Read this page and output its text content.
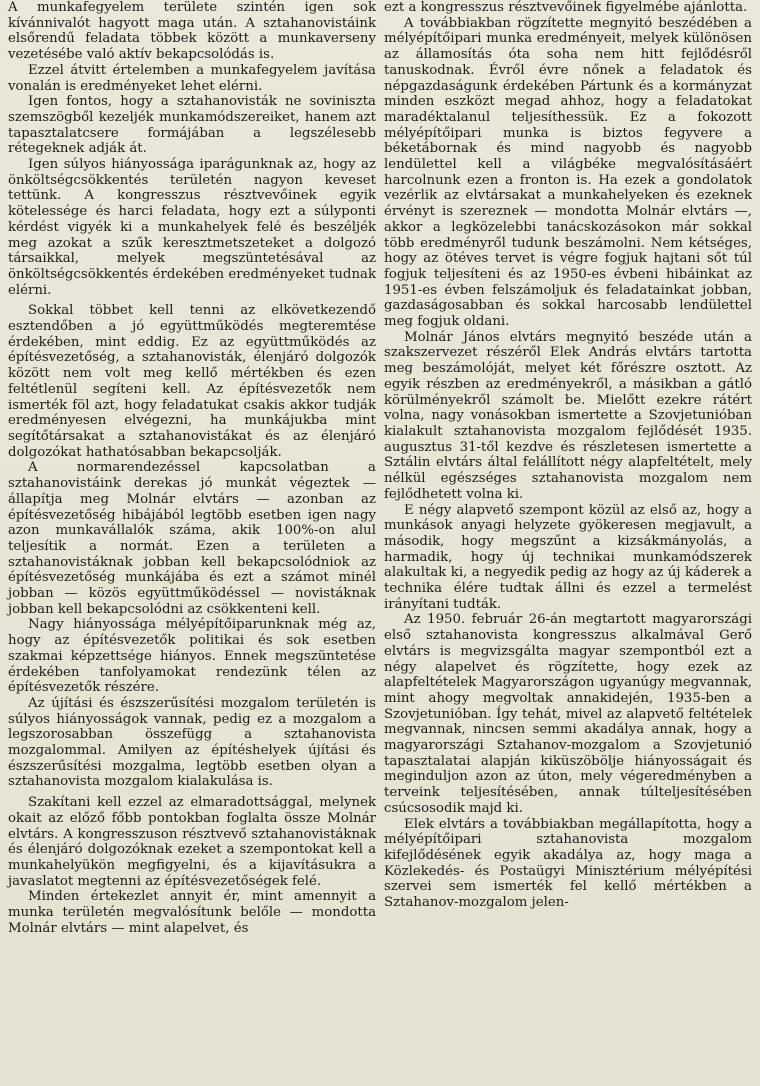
A munkafegyelem területe szintén igen sok kívánnivalót hagyott maga után. A sztahanovistáink elsőrendű feladata többek között a munkaverseny vezetésébe való aktív bekapcsolódás is.

Ezzel átvitt értelemben a munkafegyelem javítása vonalán is eredményeket lehet elérni.

Igen fontos, hogy a sztahanovisták ne sovinisztа szemszögből kezeljék munkamódszereiket, hanem azt tapasztalatcsere formájában a legszélesebb rétegeknek adják át.

Igen súlyos hiányossága iparágunknak az, hogy az önköltségcsökkentés területén nagyon keveset tettünk. A kongresszus résztvevőinek egyik kötelessége és harci feladata, hogy ezt a súlyponti kérdést vigyék ki a munkahelyek felé és beszéljék meg azokat a szűk keresztmetszeteket a dolgozó társaikkal, melyek megszüntetésával az önköltségcsökkentés érdekében eredményeket tudnak elérni.

Sokkal többet kell tenni az elkövetkezendő esztendőben a jó együttműködés megteremtése érdekében, mint eddig. Ez az együttműködés az építésvezetőség, a sztahanovisták, élenjáró dolgozók között nem volt meg kellő mértékben és ezen feltétlenül segíteni kell. Az építésvezetők nem ismerték föl azt, hogy feladatukat csakis akkor tudják eredményesen elvégezni, ha munkájukba mint segítőtársakat a sztahanovistákat és az élenjáró dolgozókat hathatósabban bekapcsolják.

A normarendezéssel kapcsolatban a sztahanovistáink derekas jó munkát végeztek — állapítja meg Molnár elvtárs — azonban az építésvezetőség hibájából legtöbb esetben igen nagy azon munkavállalók száma, akik 100%-on alul teljesítik a normát. Ezen a területen a sztahanovistáknak jobban kell bekapcsolódniok az építésvezetőség munkájába és ezt a számot minél jobban — közös együttműködéssel — novistáknak jobban kell bekapcsolódni az csökkenteni kell.

Nagy hiányossága mélyépítőiparunknak még az, hogy az építésvezetők politikai és sok esetben szakmai képzettsége hiányos. Ennek megszüntetése érdekében tanfolyamokat rendezünk télen az építésvezetők részére.

Az újítási és észszerűsítési mozgalom területén is súlyos hiányosságok vannak, pedig ez a mozgalom a legszorosabban összefügg a sztahanovista mozgalommal. Amilyen az építéshelyek újítási és észszerűsítési mozgalma, legtöbb esetben olyan a sztahanovista mozgalom kialakulása is.

Szakítani kell ezzel az elmaradottsággal, melynek okait az előző főbb pontokban foglalta össze Molnár elvtárs. A kongresszuson résztvevő sztahanovistáknak és élenjáró dolgozóknak ezeket a szempontokat kell a munkahelyükön megfigyelni, és a kijavításukra a javaslatot megtenni az építésvezetőségek felé.

Minden értekezlet annyit ér, mint amennyit a munka területén megvalósítunk belőle — mondotta Molnár elvtárs — mint alapelvet, és

ezt a kongresszus résztvevőinek figyelmébe ajánlotta.

A továbbiakban rögzítette megnyitó beszédében a mélyépítőipari munka eredményeit, melyek különösen az államosítás óta soha nem hitt fejlődésről tanuskodnak. Évről évre nőnek a feladatok és népgazdaságunk érdekében Pártunk és a kormányzat minden eszközt megad ahhoz, hogy a feladatokat maradéktalanul teljesíthessük. Ez a fokozott mélyépítőipari munka is biztos fegyvere a béketábornak és mind nagyobb és nagyobb lendülettel kell a világbéke megvalósításáért harcolnunk ezen a fronton is. Ha ezek a gondolatok vezérlik az elvtársakat a munkahelyeken és ezeknek érvényt is szereznek — mondotta Molnár elvtárs —, akkor a legközelebbi tanácskozásokon már sokkal több eredményről tudunk beszámolni. Nem kétséges, hogy az ötéves tervet is végre fogjuk hajtani sőt túl fogjuk teljesíteni és az 1950-es évbeni hibáinkat az 1951-es évben felszámoljuk és feladatainkat jobban, gazdaságosabban és sokkal harcosabb lendülettel meg fogjuk oldani.

Molnár János elvtárs megnyitó beszéde után a szakszervezet részéről Elek András elvtárs tartotta meg beszámolóját, melyet két főrészre osztott. Az egyik részben az eredményekről, a másikban a gátló körülményekről számolt be. Mielőtt ezekre rátért volna, nagy vonásokban ismertette a Szovjetunióban kialakult sztahanovista mozgalom fejlődését 1935. augusztus 31-től kezdve és részletesen ismertette a Sztálin elvtárs által felállított négy alapfeltételt, mely nélkül egészséges sztahanovista mozgalom nem fejlődhetett volna ki.

E négy alapvető szempont közül az első az, hogy a munkások anyagi helyzete gyökeresen megjavult, a második, hogy megszűnt a kizsákmányolás, a harmadik, hogy új technikai munkamódszerek alakultak ki, a negyedik pedig az hogy az új káderek a technika élére tudtak állni és ezzel a termelést irányítani tudták.

Az 1950. február 26-án megtartott magyarországi első sztahanovista kongresszus alkalmával Gerő elvtárs is megvizsgálta magyar szempontból ezt a négy alapelvet és rögzítette, hogy ezek az alapfeltételek Magyarországon ugyanúgy megvannak, mint ahogy megvoltak annakidején, 1935-ben a Szovjetunióban. Így tehát, mivel az alapvető feltételek megvannak, nincsen semmi akadálya annak, hogy a magyarországi Sztahanov-mozgalom a Szovjetunió tapasztalatai alapján kiküszöbölje hiányosságait és meginduljon azon az úton, mely végeredményben a terveink teljesítésében, annak túlteljesítésében csúcsosodik majd ki.

Elek elvtárs a továbbiakban megállapította, hogy a mélyépítőipari sztahanovista mozgalom kifejlődésének egyik akadálya az, hogy maga a Közlekedés- és Postaügyi Minisztérium mélyépítési szervei sem ismerték fel kellő mértékben a Sztahanov-mozgalom jelen-
